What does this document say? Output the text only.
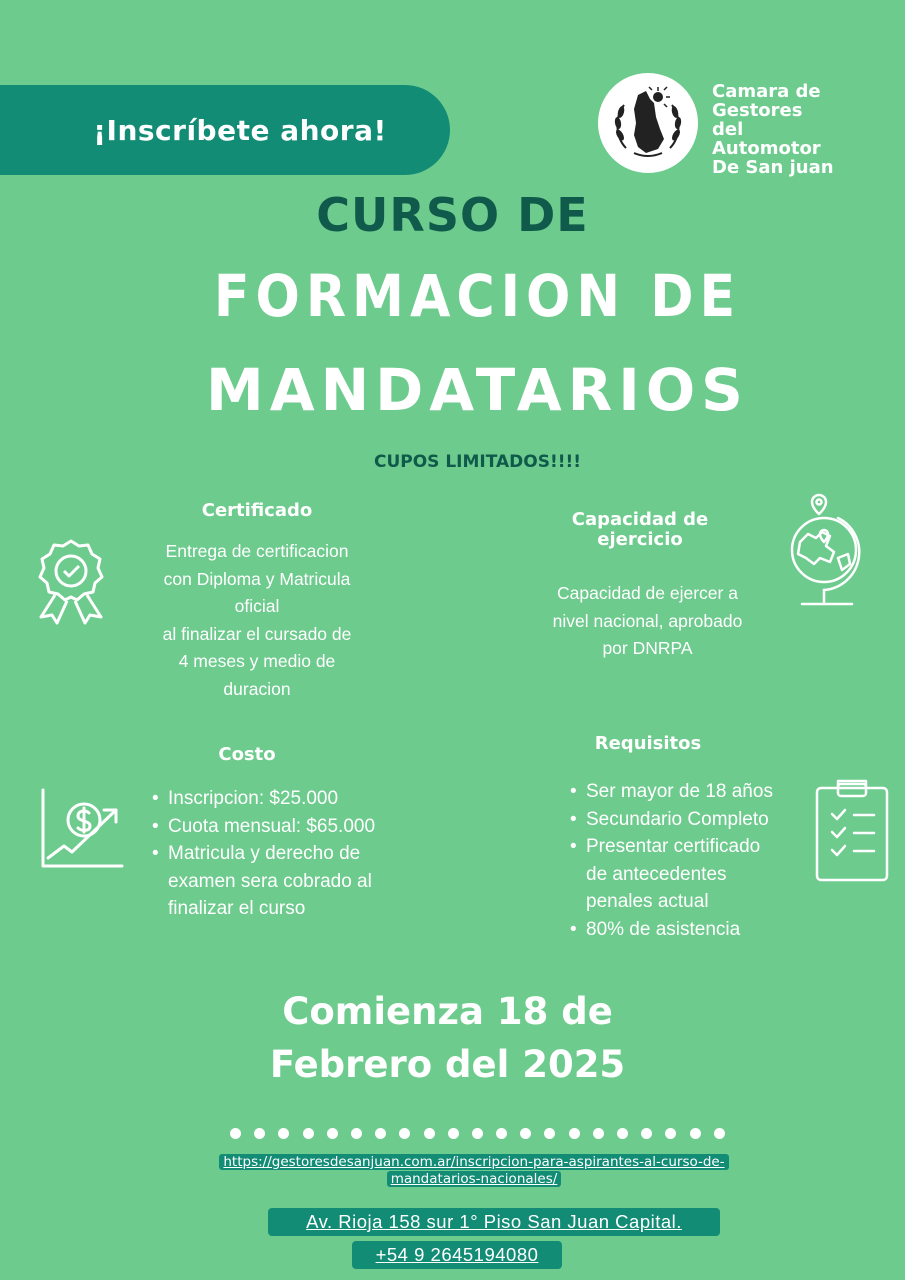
¡Inscríbete ahora!
Camara de
Gestores
del
Automotor
De San juan
CURSO DE
FORMACION DE
MANDATARIOS
CUPOS LIMITADOS!!!!
Certificado
Entrega de certificacion
con Diploma y Matricula
oficial
al finalizar el cursado de
4 meses y medio de
duracion
Capacidad de
ejercicio
Capacidad de ejercer a
nivel nacional, aprobado
por DNRPA
Costo
• Inscripcion: $25.000
• Cuota mensual: $65.000
• Matricula y derecho de
examen sera cobrado al
finalizar el curso
Requisitos
• Ser mayor de 18 años
• Secundario Completo
• Presentar certificado
de antecedentes
penales actual
• 80% de asistencia
Comienza 18 de
Febrero del 2025
https://gestoresdesanjuan.com.ar/inscripcion-para-aspirantes-al-curso-de-
mandatarios-nacionales/
Av. Rioja 158 sur 1° Piso San Juan Capital.
+54 9 2645194080
